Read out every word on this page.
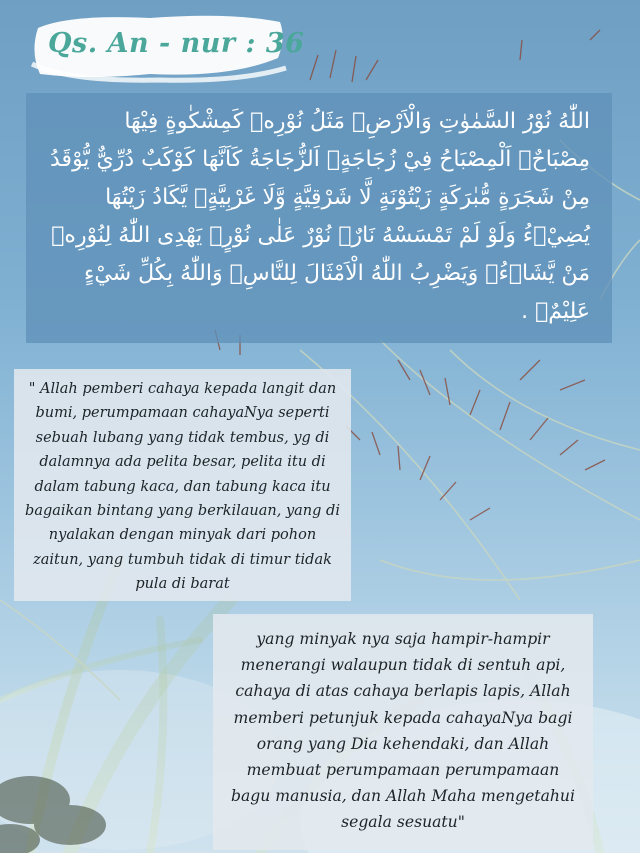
Qs. An - nur : 36

اللّٰهُ نُوْرُ السَّمٰوٰتِ وَالْاَرْضِۗ مَثَلُ نُوْرِهٖ كَمِشْكٰوةٍ فِيْهَا مِصْبَاحٌۗ اَلْمِصْبَاحُ فِيْ زُجَاجَةٍۗ اَلزُّجَاجَةُ كَاَنَّهَا كَوْكَبٌ دُرِّيٌّ يُّوْقَدُ مِنْ شَجَرَةٍ مُّبٰرَكَةٍ زَيْتُوْنَةٍ لَّا شَرْقِيَّةٍ وَّلَا غَرْبِيَّةٍۙ يَّكَادُ زَيْتُهَا يُضِيْۤءُ وَلَوْ لَمْ تَمْسَسْهُ نَارٌۗ نُوْرٌ عَلٰى نُوْرٍۗ يَهْدِى اللّٰهُ لِنُوْرِهٖ مَنْ يَّشَاۤءُۗ وَيَضْرِبُ اللّٰهُ الْاَمْثَالَ لِلنَّاسِۗ وَاللّٰهُ بِكُلِّ شَيْءٍ عَلِيْمٌۙ .

" Allah pemberi cahaya kepada langit dan bumi, perumpamaan cahayaNya seperti sebuah lubang yang tidak tembus, yg di dalamnya ada pelita besar, pelita itu di dalam tabung kaca, dan tabung kaca itu bagaikan bintang yang berkilauan, yang di nyalakan dengan minyak dari pohon zaitun, yang tumbuh tidak di timur tidak pula di barat

yang minyak nya saja hampir-hampir menerangi walaupun tidak di sentuh api, cahaya di atas cahaya berlapis lapis, Allah memberi petunjuk kepada cahayaNya bagi orang yang Dia kehendaki, dan Allah membuat perumpamaan perumpamaan bagu manusia, dan Allah Maha mengetahui segala sesuatu"
